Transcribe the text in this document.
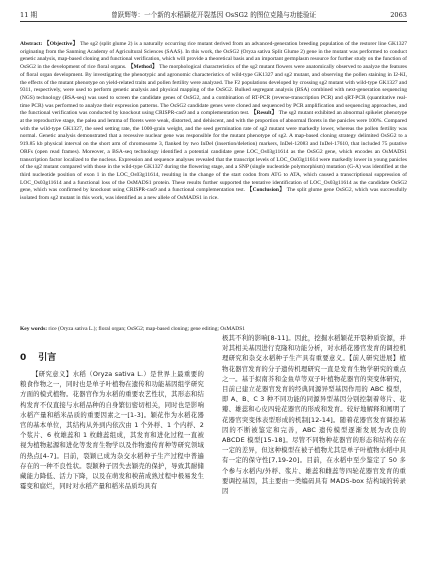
11 期	曾跃辉等：一个新的水稻颖花开裂基因 OsSG2 的图位克隆与功能验证	2063

Abstract: 【Objective】 The sg2 (split glume 2) is a naturally occurring rice mutant derived from an advanced-generation breeding population of the restorer line GK1327 originating from the Sanming Academy of Agricultural Sciences (SAAS). In this work, the OsSG2 (Oryza sativa Split Glume 2) gene in the mutant was performed to conduct genetic analysis, map-based cloning and functional verification, which will provide a theoretical basis and an important germplasm resource for further study on the function of OsSG2 in the development of rice floral organs. 【Method】 The morphological characteristics of the sg2 mutant flowers were anatomically observed to analyze the features of floral organ development. By investigating the phenotypic and agronomic characteristics of wild-type GK1327 and sg2 mutant, and observing the pollen staining in I2-KI, the effects of the mutant phenotype on yield-related traits and pollen fertility were analyzed. The F2 populations developed by crossing sg2 mutant with wild-type GK1327 and 9311, respectively, were used to perform genetic analysis and physical mapping of the OsSG2. Bulked segregant analysis (BSA) combined with next-generation sequencing (NGS) technology (BSA-seq) was used to screen the candidate genes of OsSG2, and a combination of RT-PCR (reverse-transcription PCR) and qRT-PCR (quantitative real-time PCR) was performed to analyze their expression patterns. The OsSG2 candidate genes were cloned and sequenced by PCR amplification and sequencing approaches, and the functional verification was conducted by knockout using CRISPR-cas9 and a complementation test. 【Result】 The sg2 mutant exhibited an abnormal spikelet phenotype at the reproductive stage, the palea and lemma of florets were weak, distorted, and dehiscent, and with the proportion of abnormal florets in the panicles were 100%. Compared with the wild-type GK1327, the seed setting rate, the 1000-grain weight, and the seed germination rate of sg2 mutant were markedly lower, whereas the pollen fertility was normal. Genetic analysis demonstrated that a recessive nuclear gene was responsible for the mutant phenotype of sg2. A map-based cloning strategy delimited OsSG2 to a 919.85 kb physical interval on the short arm of chromosome 3, flanked by two InDel (insertion/deletion) markers, InDel-12083 and InDel-17610, that included 75 putative ORFs (open read frames). Moreover, a BSA-seq technology identified a potential candidate gene LOC_Os03g11614 as the OsSG2 gene, which encodes an OsMADS1 transcription factor localized to the nucleus. Expression and sequence analyses revealed that the transcript levels of LOC_Os03g11614 were markedly lower in young panicles of the sg2 mutant compared with those in the wild-type GK1327 during the flowering stage, and a SNP (single nucleotide polymorphism) mutation (G-A) was identified at the third nucleotide position of exon 1 in the LOC_Os03g11614, resulting in the change of the start codon from ATG to ATA, which caused a transcriptional suppression of LOC_Os03g11614 and a functional loss of the OsMADS1 protein. These results further supported the tentative identification of LOC_Os03g11614 as the candidate OsSG2 gene, which was confirmed by knockout using CRISPR-cas9 and a functional complementation test. 【Conclusion】 The split glume gene OsSG2, which was successfully isolated from sg2 mutant in this work, was identified as a new allele of OsMADS1 in rice.

Key words: rice (Oryza sativa L.); floral organ; OsSG2; map-based cloning; gene editing; OsMADS1

0 引言

【研究意义】水稻（Oryza sativa L.）是世界上最重要的粮食作物之一，同时也是单子叶植物在遗传和功能基因组学研究方面的模式植物。花器官作为水稻的重要农艺性状，其形态和结构发育不仅直接与水稻品种的自身繁衍密切相关，同时也是影响水稻产量和稻米品质的重要因素之一[1-3]。颖花作为水稻花器官的基本单位，其结构从外到内依次由 1 个外稃、1 个内稃、2 个浆片、6 枚雄蕊和 1 枚雌蕊组成，其发育和进化过程一直被视为植物起源和进化等发育生物学以及作物遗传育种等研究领域的热点[4-7]。目前，裂颖已成为杂交水稻种子生产过程中普遍存在的一种不良性状。裂颖种子因失去颖壳的保护，导致其耐储藏能力降低、活力下降，以及在萌发和秧苗成熟过程中极易发生霉变和腐烂，同时对水稻产量和稻米品质均具有

极其不利的影响[8-11]。因此，挖掘水稻颖花开裂种质资源，并对其相关基因进行克隆和功能分析，对水稻花器官发育的调控机理研究和杂交水稻种子生产具有重要意义。【前人研究进展】植物花器官发育的分子遗传机理研究一直是发育生物学研究的重点之一。基于拟南芥和金鱼草等双子叶植物花器官的突变体研究，目前已建立花器官发育的经典同源异型基因作用的 ABC 模型，即 A、B、C 3 种不同功能的同源异型基因分别控制着萼片、花瓣、雄蕊和心皮四轮花器官的形成和发育。较好地解释和阐明了花器官突变体表型形成的机制[12-14]。随着花器官发育调控基因的不断被鉴定和完善，ABC 遗传模型逐渐发展为改良的 ABCDE 模型[15-18]。尽管不同物种花器官的形态和结构存在一定的差异，但这种模型在被子植物尤其是单子叶植物水稻中具有一定的保守性[7,19-20]。目前，在水稻中至少鉴定了 50 多个参与水稻内/外稃、浆片、雄蕊和雌蕊等四轮花器官发育的重要调控基因，其主要由一类编码具有 MADS-box 结构域的转录因
